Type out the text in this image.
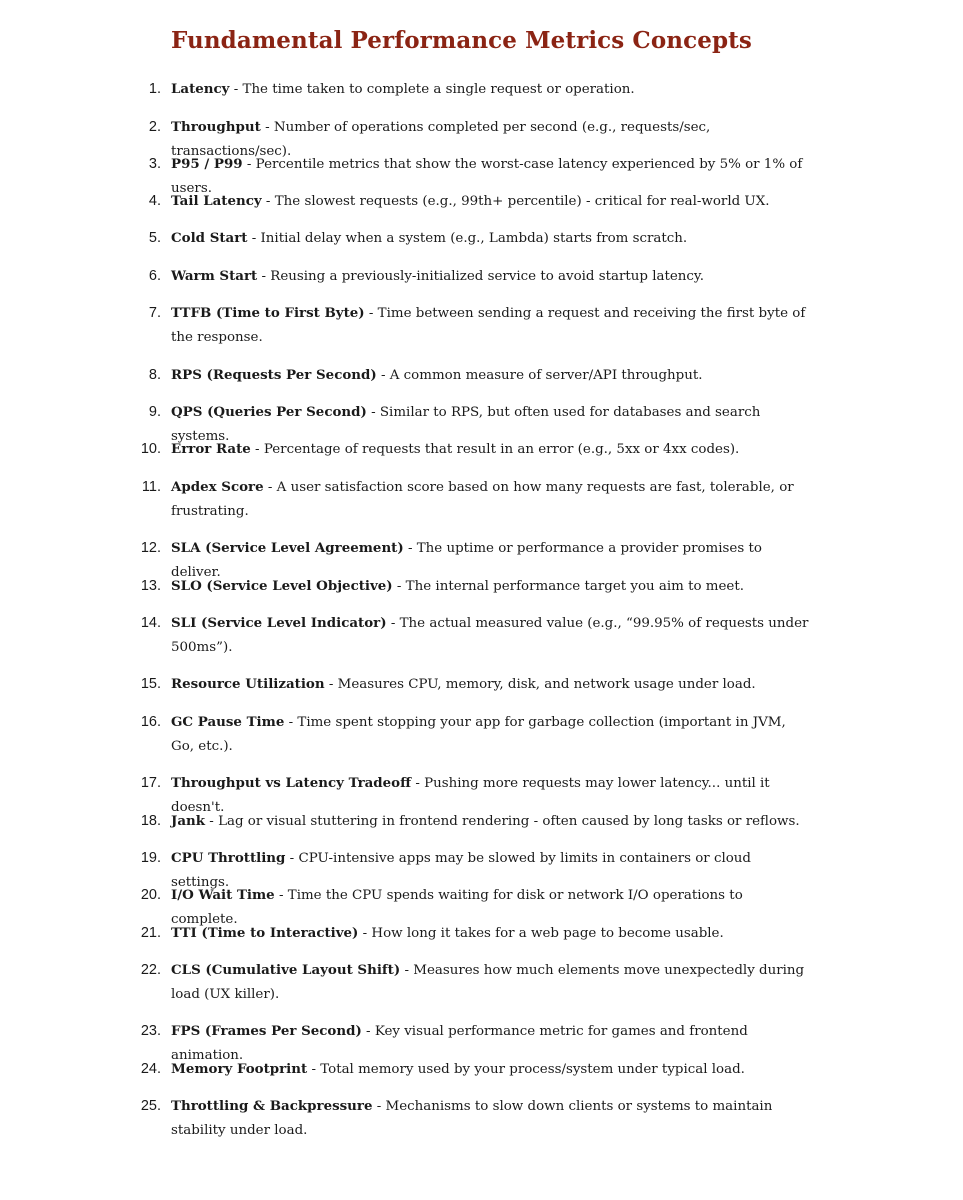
Fundamental Performance Metrics Concepts
1. Latency - The time taken to complete a single request or operation.
2. Throughput - Number of operations completed per second (e.g., requests/sec, transactions/sec).
3. P95 / P99 - Percentile metrics that show the worst-case latency experienced by 5% or 1% of users.
4. Tail Latency - The slowest requests (e.g., 99th+ percentile) - critical for real-world UX.
5. Cold Start - Initial delay when a system (e.g., Lambda) starts from scratch.
6. Warm Start - Reusing a previously-initialized service to avoid startup latency.
7. TTFB (Time to First Byte) - Time between sending a request and receiving the first byte of the response.
8. RPS (Requests Per Second) - A common measure of server/API throughput.
9. QPS (Queries Per Second) - Similar to RPS, but often used for databases and search systems.
10. Error Rate - Percentage of requests that result in an error (e.g., 5xx or 4xx codes).
11. Apdex Score - A user satisfaction score based on how many requests are fast, tolerable, or frustrating.
12. SLA (Service Level Agreement) - The uptime or performance a provider promises to deliver.
13. SLO (Service Level Objective) - The internal performance target you aim to meet.
14. SLI (Service Level Indicator) - The actual measured value (e.g., “99.95% of requests under 500ms”).
15. Resource Utilization - Measures CPU, memory, disk, and network usage under load.
16. GC Pause Time - Time spent stopping your app for garbage collection (important in JVM, Go, etc.).
17. Throughput vs Latency Tradeoff - Pushing more requests may lower latency... until it doesn't.
18. Jank - Lag or visual stuttering in frontend rendering - often caused by long tasks or reflows.
19. CPU Throttling - CPU-intensive apps may be slowed by limits in containers or cloud settings.
20. I/O Wait Time - Time the CPU spends waiting for disk or network I/O operations to complete.
21. TTI (Time to Interactive) - How long it takes for a web page to become usable.
22. CLS (Cumulative Layout Shift) - Measures how much elements move unexpectedly during load (UX killer).
23. FPS (Frames Per Second) - Key visual performance metric for games and frontend animation.
24. Memory Footprint - Total memory used by your process/system under typical load.
25. Throttling & Backpressure - Mechanisms to slow down clients or systems to maintain stability under load.
